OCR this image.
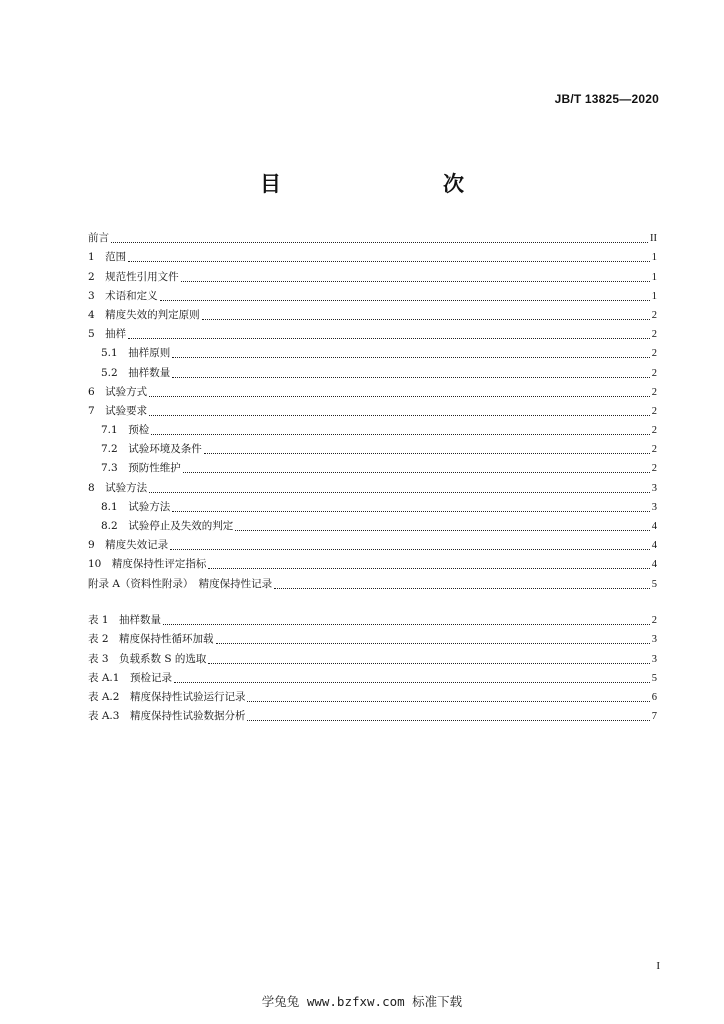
JB/T 13825—2020
目　　次
前言	II
1　范围	1
2　规范性引用文件	1
3　术语和定义	1
4　精度失效的判定原则	2
5　抽样	2
5.1　抽样原则	2
5.2　抽样数量	2
6　试验方式	2
7　试验要求	2
7.1　预检	2
7.2　试验环境及条件	2
7.3　预防性维护	2
8　试验方法	3
8.1　试验方法	3
8.2　试验停止及失效的判定	4
9　精度失效记录	4
10　精度保持性评定指标	4
附录 A（资料性附录）　精度保持性记录	5
表 1　抽样数量	2
表 2　精度保持性循环加载	3
表 3　负载系数 S 的选取	3
表 A.1　预检记录	5
表 A.2　精度保持性试验运行记录	6
表 A.3　精度保持性试验数据分析	7
I
学兔兔 www.bzfxw.com 标准下载
